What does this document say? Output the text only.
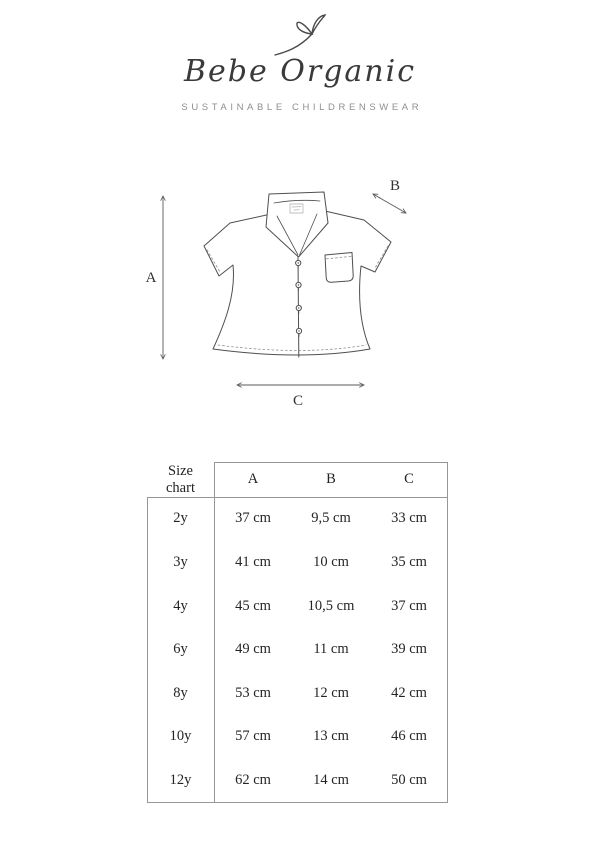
Bebe Organic
SUSTAINABLE CHILDRENSWEAR
A
B
C
Size chart
A	B	C
2y	37 cm	9,5 cm	33 cm
3y	41 cm	10 cm	35 cm
4y	45 cm	10,5 cm	37 cm
6y	49 cm	11 cm	39 cm
8y	53 cm	12 cm	42 cm
10y	57 cm	13 cm	46 cm
12y	62 cm	14 cm	50 cm
